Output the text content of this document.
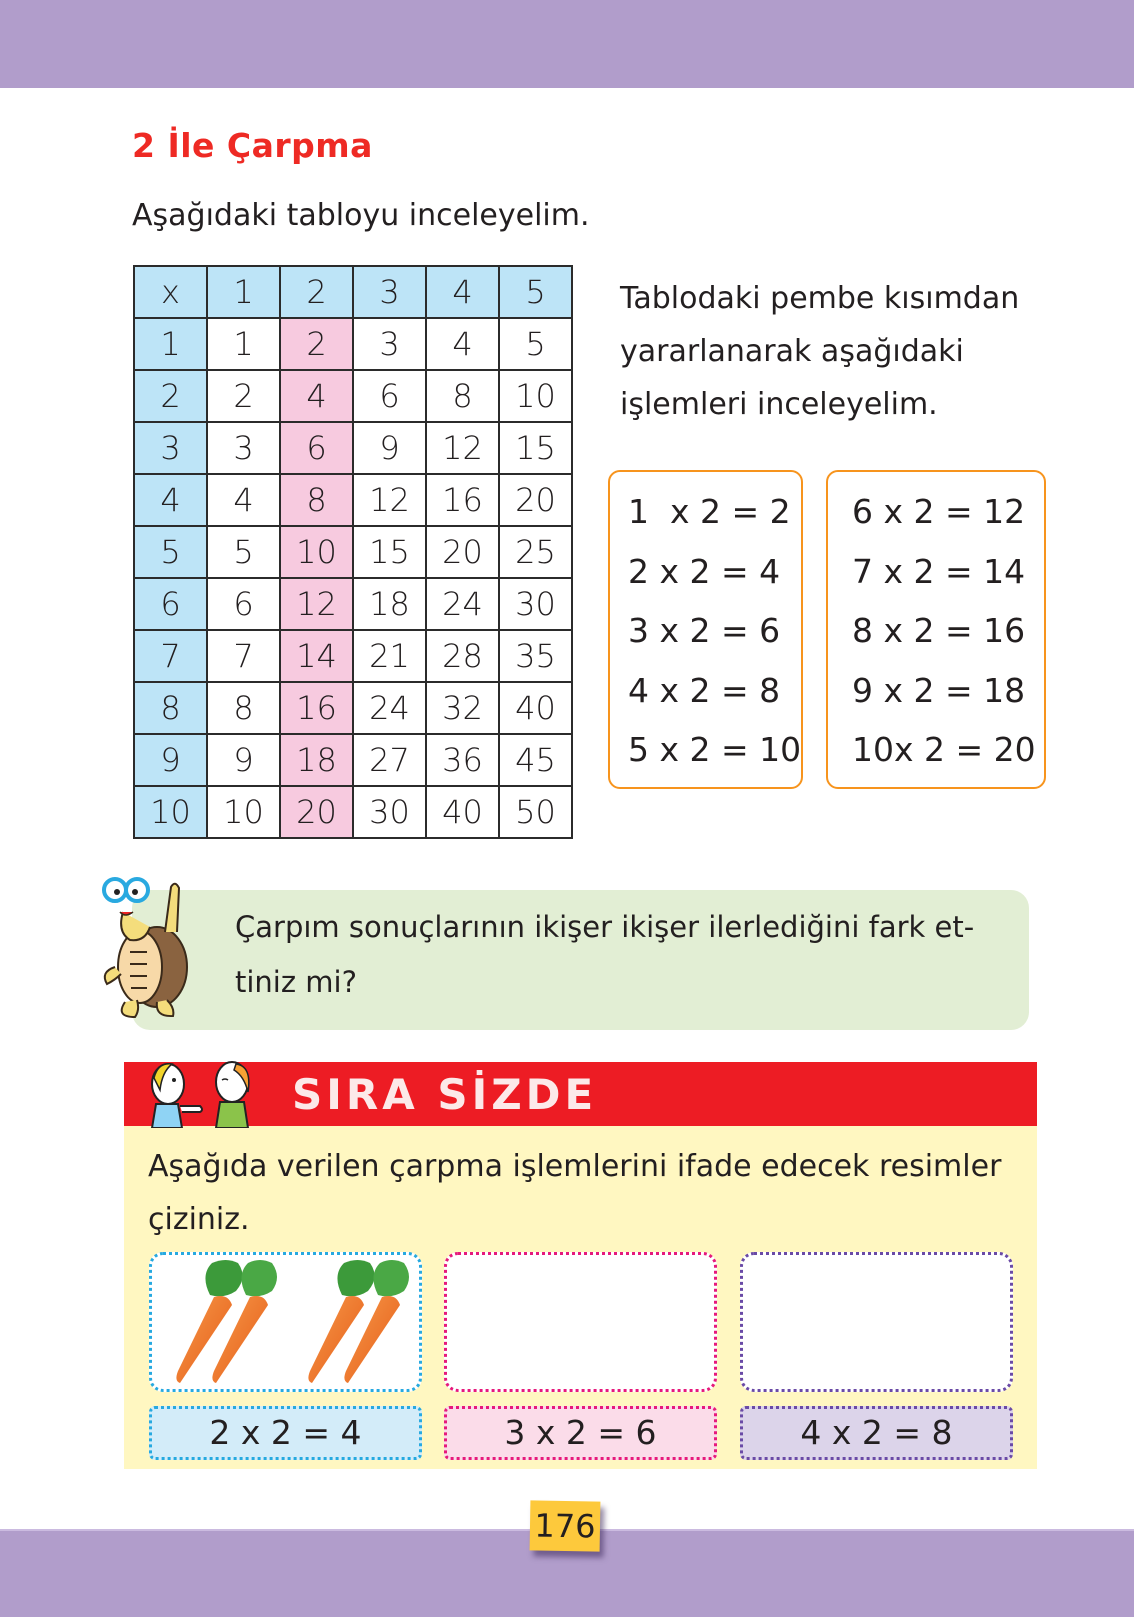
2 İle Çarpma

Aşağıdaki tabloyu inceleyelim.

x	1	2	3	4	5
1	1	2	3	4	5
2	2	4	6	8	10
3	3	6	9	12	15
4	4	8	12	16	20
5	5	10	15	20	25
6	6	12	18	24	30
7	7	14	21	28	35
8	8	16	24	32	40
9	9	18	27	36	45
10	10	20	30	40	50
Tablodaki pembe kısımdan
yararlanarak aşağıdaki
işlemleri inceleyelim.
1  x 2 = 2
2 x 2 = 4
3 x 2 = 6
4 x 2 = 8
5 x 2 = 10
6 x 2 = 12
7 x 2 = 14
8 x 2 = 16
9 x 2 = 18
10x 2 = 20
Çarpım sonuçlarının ikişer ikişer ilerlediğini fark et-
tiniz mi?
SIRA SİZDE
Aşağıda verilen çarpma işlemlerini ifade edecek resimler
çiziniz.
2 x 2 = 4	3 x 2 = 6	4 x 2 = 8
176
